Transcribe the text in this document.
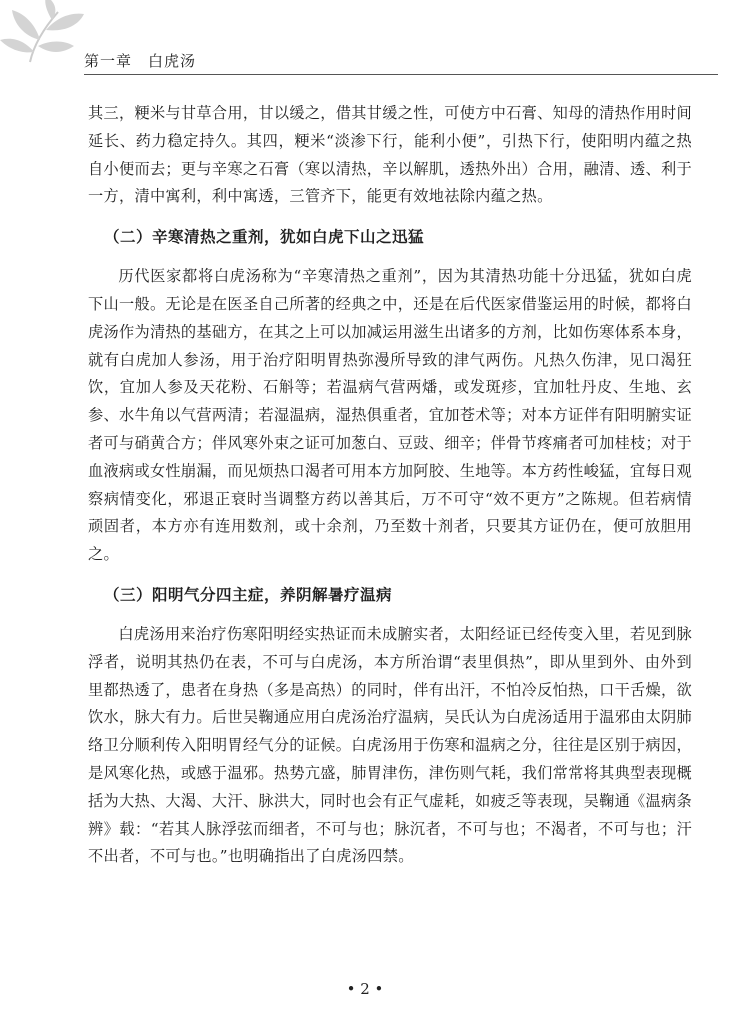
第一章　白虎汤

其三，粳米与甘草合用，甘以缓之，借其甘缓之性，可使方中石膏、知母的清热作用时间延长、药力稳定持久。其四，粳米“淡渗下行，能利小便”，引热下行，使阳明内蕴之热自小便而去；更与辛寒之石膏（寒以清热，辛以解肌，透热外出）合用，融清、透、利于一方，清中寓利，利中寓透，三管齐下，能更有效地祛除内蕴之热。

（二）辛寒清热之重剂，犹如白虎下山之迅猛

历代医家都将白虎汤称为“辛寒清热之重剂”，因为其清热功能十分迅猛，犹如白虎下山一般。无论是在医圣自己所著的经典之中，还是在后代医家借鉴运用的时候，都将白虎汤作为清热的基础方，在其之上可以加减运用滋生出诸多的方剂，比如伤寒体系本身，就有白虎加人参汤，用于治疗阳明胃热弥漫所导致的津气两伤。凡热久伤津，见口渴狂饮，宜加人参及天花粉、石斛等；若温病气营两燔，或发斑疹，宜加牡丹皮、生地、玄参、水牛角以气营两清；若湿温病，湿热俱重者，宜加苍术等；对本方证伴有阳明腑实证者可与硝黄合方；伴风寒外束之证可加葱白、豆豉、细辛；伴骨节疼痛者可加桂枝；对于血液病或女性崩漏，而见烦热口渴者可用本方加阿胶、生地等。本方药性峻猛，宜每日观察病情变化，邪退正衰时当调整方药以善其后，万不可守“效不更方”之陈规。但若病情顽固者，本方亦有连用数剂，或十余剂，乃至数十剂者，只要其方证仍在，便可放胆用之。

（三）阳明气分四主症，养阴解暑疗温病

白虎汤用来治疗伤寒阳明经实热证而未成腑实者，太阳经证已经传变入里，若见到脉浮者，说明其热仍在表，不可与白虎汤，本方所治谓“表里俱热”，即从里到外、由外到里都热透了，患者在身热（多是高热）的同时，伴有出汗，不怕冷反怕热，口干舌燥，欲饮水，脉大有力。后世吴鞠通应用白虎汤治疗温病，吴氏认为白虎汤适用于温邪由太阴肺络卫分顺利传入阳明胃经气分的证候。白虎汤用于伤寒和温病之分，往往是区别于病因，是风寒化热，或感于温邪。热势亢盛，肺胃津伤，津伤则气耗，我们常常将其典型表现概括为大热、大渴、大汗、脉洪大，同时也会有正气虚耗，如疲乏等表现，吴鞠通《温病条辨》载：“若其人脉浮弦而细者，不可与也；脉沉者，不可与也；不渴者，不可与也；汗不出者，不可与也。”也明确指出了白虎汤四禁。

• 2 •
